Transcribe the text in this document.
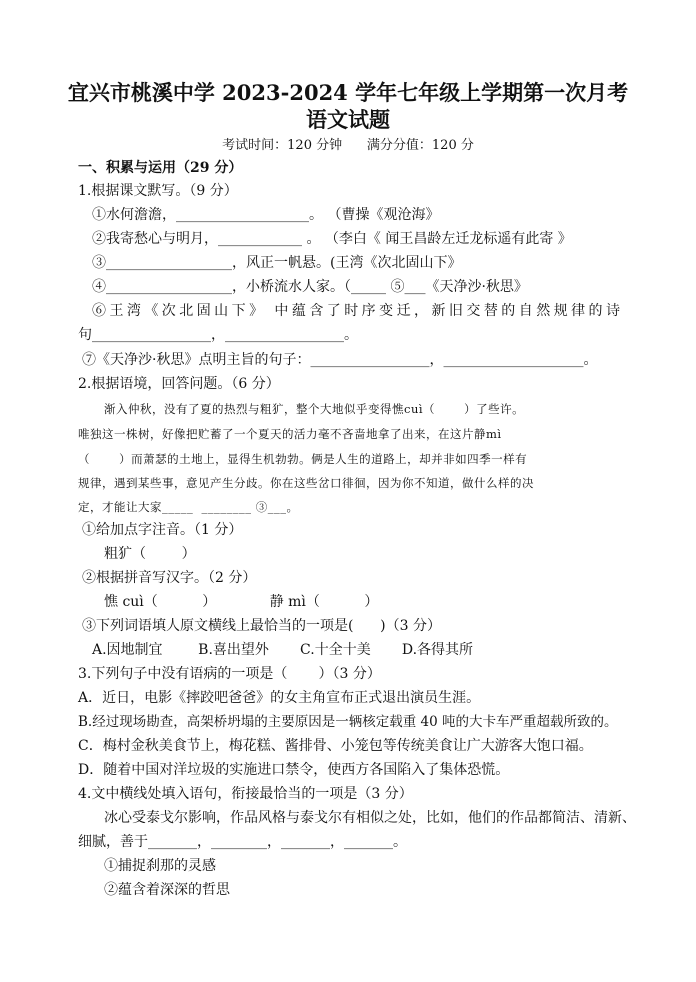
宜兴市桃溪中学 2023-2024 学年七年级上学期第一次月考
语文试题
考试时间：120 分钟      满分分值：120 分
一、积累与运用（29 分）
1.根据课文默写。（9 分）
①水何澹澹，___________________。 （曹操《观沧海》
②我寄愁心与明月，____________ 。 （李白《 闻王昌龄左迁龙标遥有此寄 》
③__________________，风正一帆悬。(王湾《次北固山下》
④__________________，小桥流水人家。（_____ ⑤___《天净沙·秋思》
⑥王湾《次北固山下》 中蕴含了时序变迁，新旧交替的自然规律的诗
句_________________，_________________。
⑦《天净沙·秋思》点明主旨的句子：_________________，____________________。
2.根据语境，回答问题。（6 分）
渐入仲秋，没有了夏的热烈与粗犷，整个大地似乎变得憔cuì（       ）了些许。
唯独这一株树，好像把贮蓄了一个夏天的活力毫不吝啬地拿了出来，在这片静mì
（       ）而萧瑟的土地上，显得生机勃勃。俩是人生的道路上，却并非如四季一样有
规律，遇到某些事，意见产生分歧。你在这些岔口徘徊，因为你不知道，做什么样的决
定，才能让大家_____  ________ ③___。
①给加点字注音。（1 分）
粗犷（        ）
②根据拼音写汉字。（2 分）
憔 cuì（          ）            静 mì（          ）
③下列词语填人原文横线上最恰当的一项是(      )（3 分）
A.因地制宜        B.喜出望外       C.十全十美       D.各得其所
3.下列句子中没有语病的一项是（       ）（3 分）
A．近日，电影《摔跤吧爸爸》的女主角宣布正式退出演员生涯。
B.经过现场勘查，高架桥坍塌的主要原因是一辆核定载重 40 吨的大卡车严重超载所致的。
C．梅村金秋美食节上，梅花糕、酱排骨、小笼包等传统美食让广大游客大饱口福。
D．随着中国对洋垃圾的实施进口禁令，使西方各国陷入了集体恐慌。
4.文中横线处填入语句，衔接最恰当的一项是（3 分）
冰心受泰戈尔影响，作品风格与泰戈尔有相似之处，比如，他们的作品都简洁、清新、
细腻，善于_______，________，_______，_______。
①捕捉刹那的灵感
②蕴含着深深的哲思
